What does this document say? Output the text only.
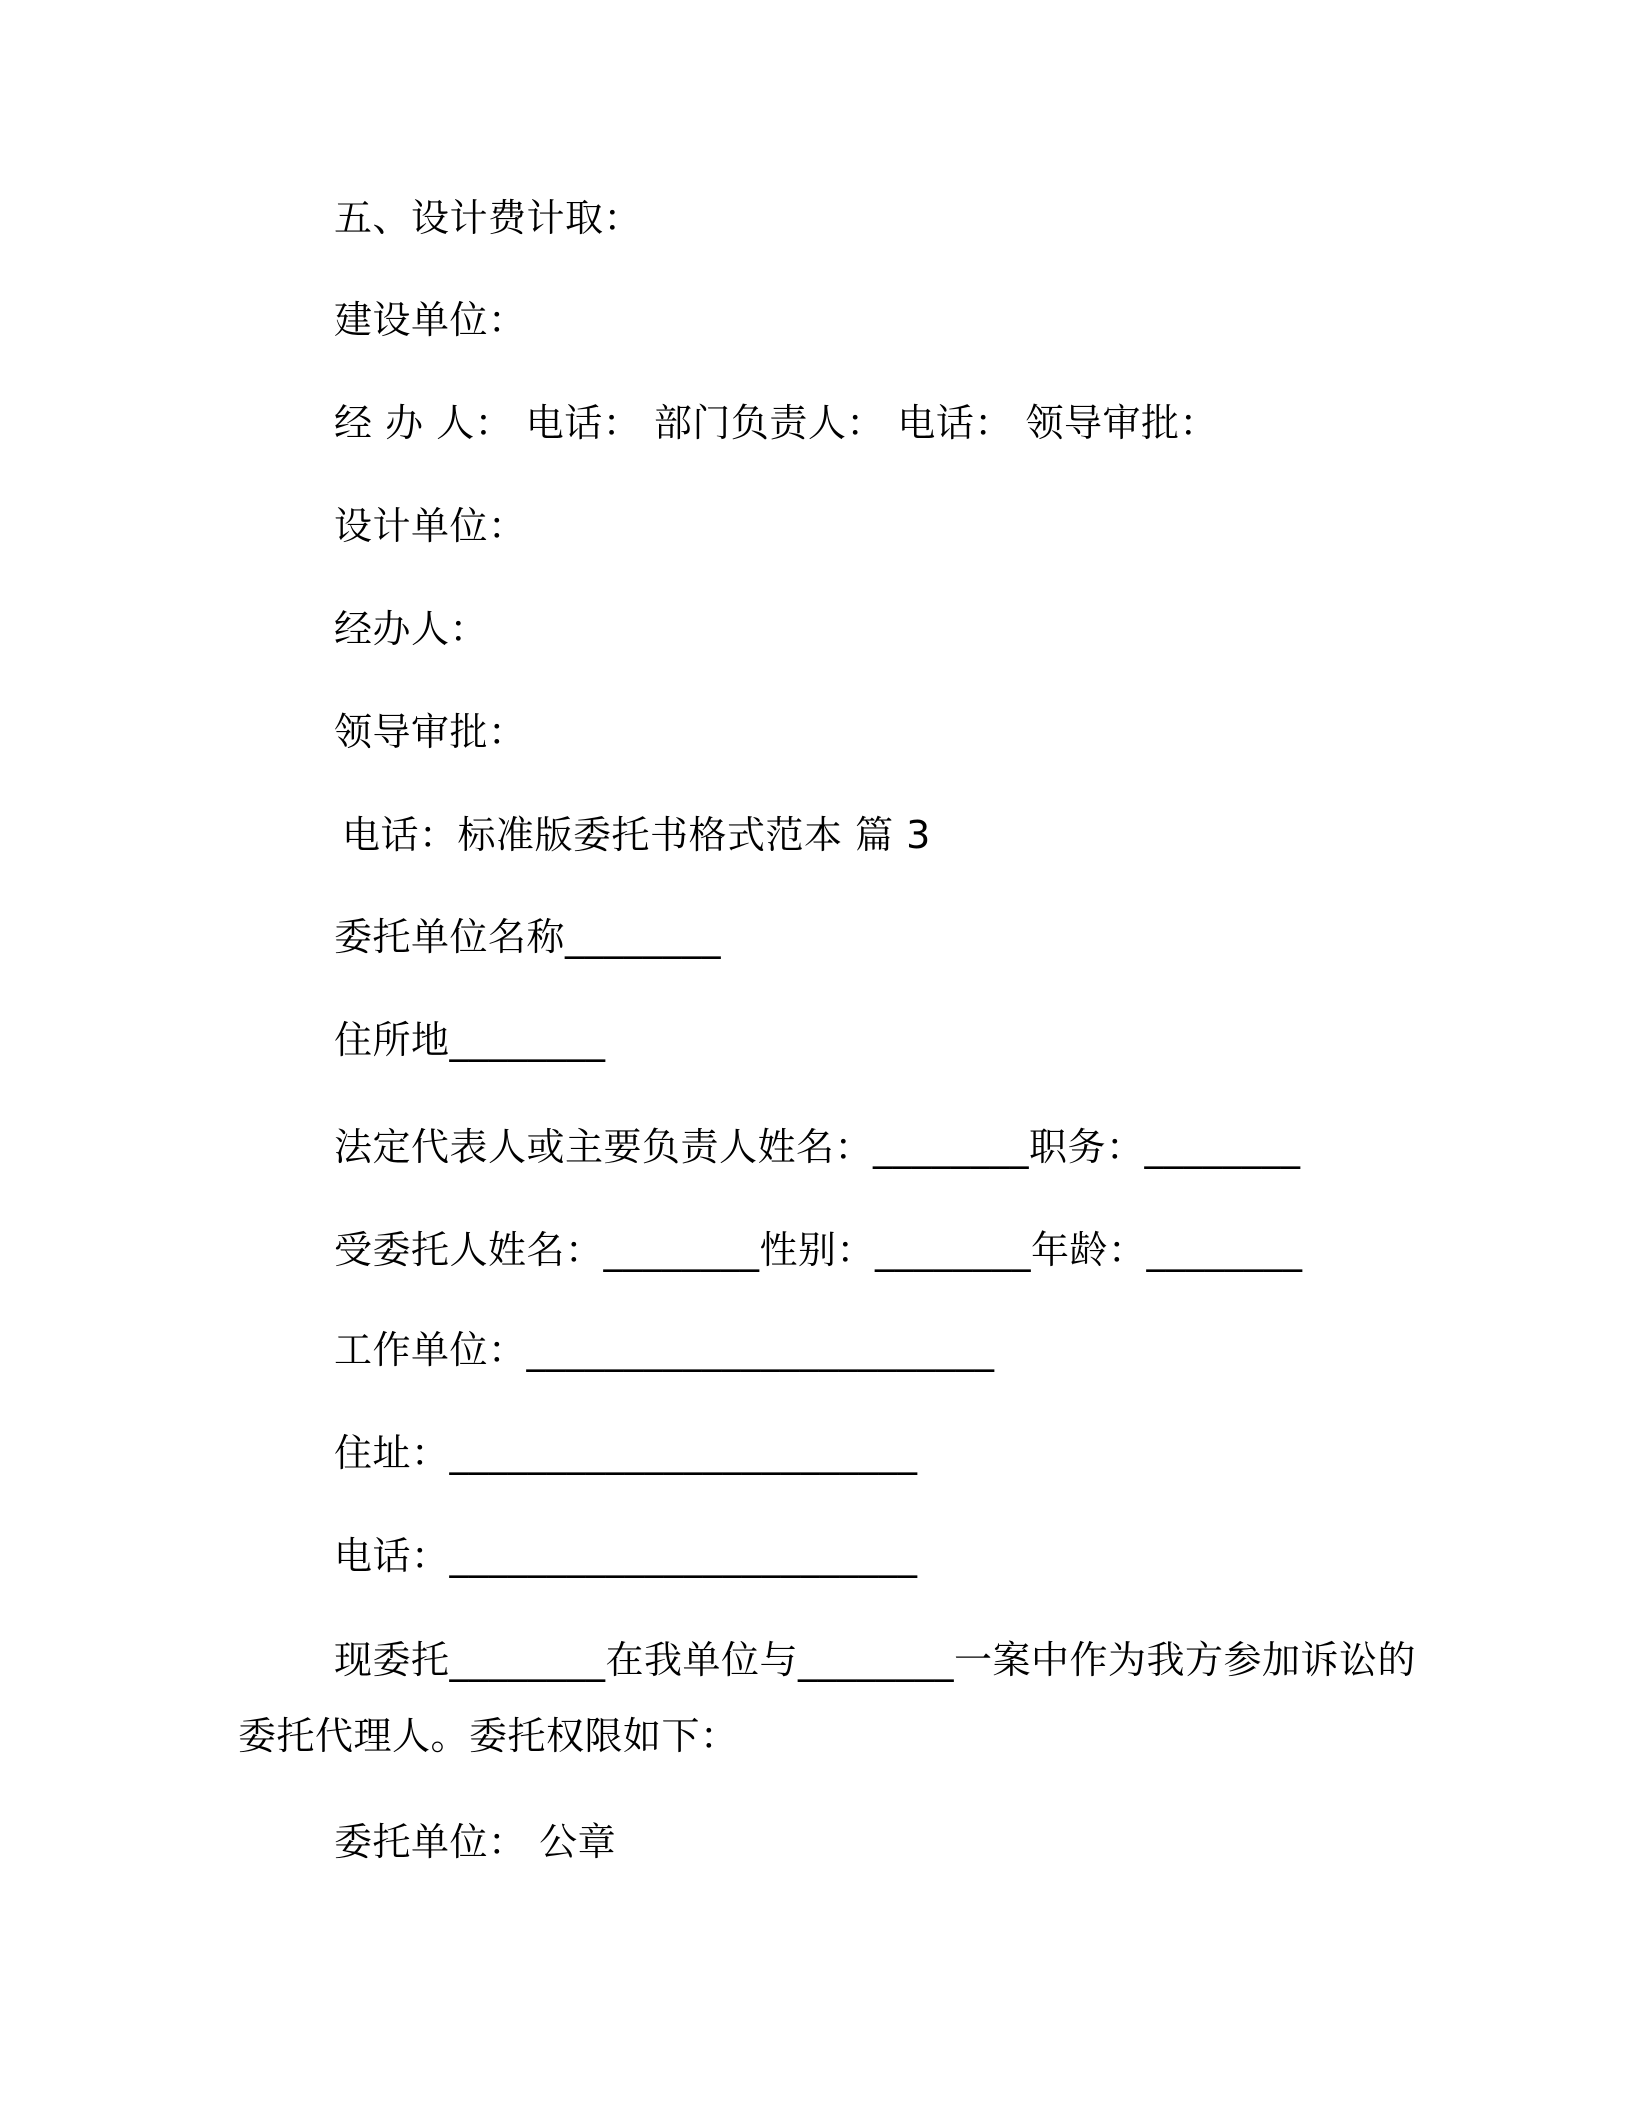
五、设计费计取：
建设单位：
经 办 人： 电话： 部门负责人： 电话： 领导审批：
设计单位：
经办人：
领导审批：
电话：标准版委托书格式范本 篇 3
委托单位名称________
住所地________
法定代表人或主要负责人姓名：________职务：________
受委托人姓名：________性别：________年龄：________
工作单位：________________________
住址：________________________
电话：________________________
现委托________在我单位与________一案中作为我方参加诉讼的
委托代理人。委托权限如下：
委托单位： 公章
